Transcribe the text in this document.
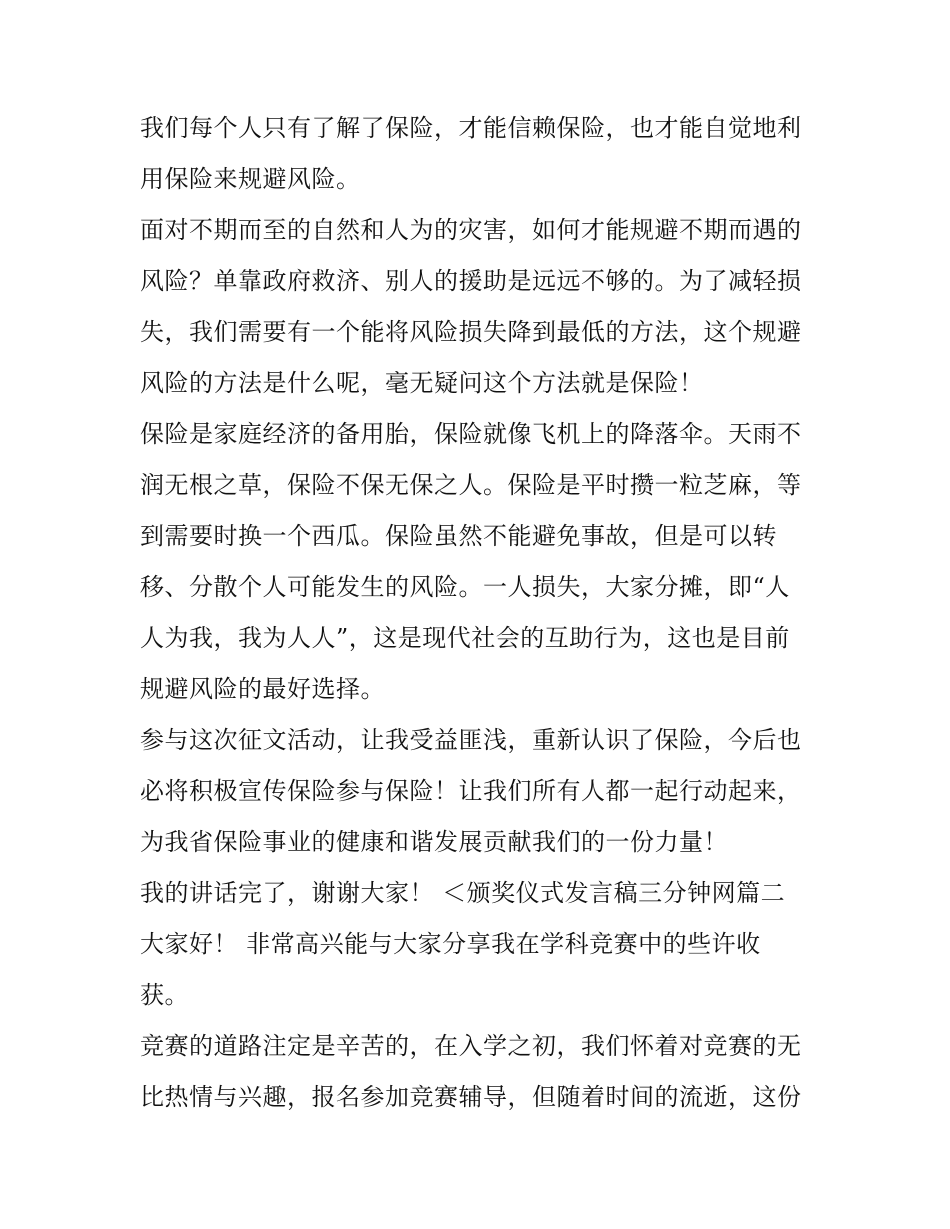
我们每个人只有了解了保险，才能信赖保险，也才能自觉地利
用保险来规避风险。
面对不期而至的自然和人为的灾害，如何才能规避不期而遇的
风险？单靠政府救济、别人的援助是远远不够的。为了减轻损
失，我们需要有一个能将风险损失降到最低的方法，这个规避
风险的方法是什么呢，毫无疑问这个方法就是保险！
保险是家庭经济的备用胎，保险就像飞机上的降落伞。天雨不
润无根之草，保险不保无保之人。保险是平时攒一粒芝麻，等
到需要时换一个西瓜。保险虽然不能避免事故，但是可以转
移、分散个人可能发生的风险。一人损失，大家分摊，即“人
人为我，我为人人”，这是现代社会的互助行为，这也是目前
规避风险的最好选择。
参与这次征文活动，让我受益匪浅，重新认识了保险，今后也
必将积极宣传保险参与保险！让我们所有人都一起行动起来，
为我省保险事业的健康和谐发展贡献我们的一份力量！
我的讲话完了，谢谢大家！ ＜颁奖仪式发言稿三分钟网篇二
大家好！ 非常高兴能与大家分享我在学科竞赛中的些许收
获。
竞赛的道路注定是辛苦的，在入学之初，我们怀着对竞赛的无
比热情与兴趣，报名参加竞赛辅导，但随着时间的流逝，这份
